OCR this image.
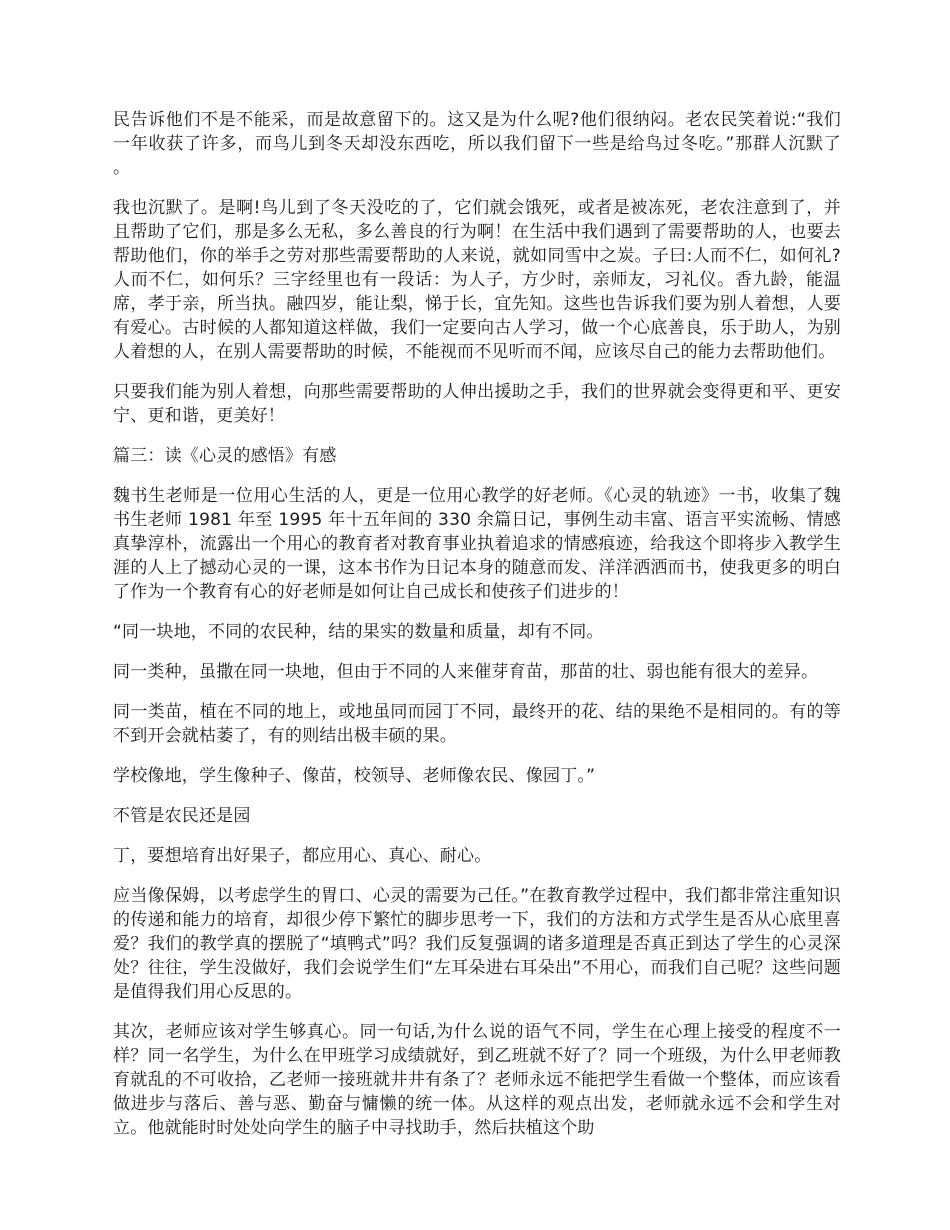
民告诉他们不是不能采，而是故意留下的。这又是为什么呢?他们很纳闷。老农民笑着说:“我们一年收获了许多，而鸟儿到冬天却没东西吃，所以我们留下一些是给鸟过冬吃。”那群人沉默了 。

我也沉默了。是啊!鸟儿到了冬天没吃的了，它们就会饿死，或者是被冻死，老农注意到了，并且帮助了它们，那是多么无私，多么善良的行为啊！在生活中我们遇到了需要帮助的人，也要去帮助他们，你的举手之劳对那些需要帮助的人来说，就如同雪中之炭。子曰:人而不仁，如何礼?人而不仁，如何乐？三字经里也有一段话：为人子，方少时，亲师友，习礼仪。香九龄，能温席，孝于亲，所当执。融四岁，能让梨，悌于长，宜先知。这些也告诉我们要为别人着想，人要有爱心。古时候的人都知道这样做，我们一定要向古人学习，做一个心底善良，乐于助人，为别人着想的人，在别人需要帮助的时候，不能视而不见听而不闻，应该尽自己的能力去帮助他们。

只要我们能为别人着想，向那些需要帮助的人伸出援助之手，我们的世界就会变得更和平、更安宁、更和谐，更美好！

篇三：读《心灵的感悟》有感

魏书生老师是一位用心生活的人，更是一位用心教学的好老师。《心灵的轨迹》一书，收集了魏书生老师 1981 年至 1995 年十五年间的 330 余篇日记，事例生动丰富、语言平实流畅、情感真挚淳朴，流露出一个用心的教育者对教育事业执着追求的情感痕迹，给我这个即将步入教学生涯的人上了撼动心灵的一课，这本书作为日记本身的随意而发、洋洋洒洒而书，使我更多的明白了作为一个教育有心的好老师是如何让自己成长和使孩子们进步的！

“同一块地，不同的农民种，结的果实的数量和质量，却有不同。

同一类种，虽撒在同一块地，但由于不同的人来催芽育苗，那苗的壮、弱也能有很大的差异。

同一类苗，植在不同的地上，或地虽同而园丁不同，最终开的花、结的果绝不是相同的。有的等不到开会就枯萎了，有的则结出极丰硕的果。

学校像地，学生像种子、像苗，校领导、老师像农民、像园丁。”

不管是农民还是园

丁，要想培育出好果子，都应用心、真心、耐心。

应当像保姆，以考虑学生的胃口、心灵的需要为己任。”在教育教学过程中，我们都非常注重知识的传递和能力的培育，却很少停下繁忙的脚步思考一下，我们的方法和方式学生是否从心底里喜爱？我们的教学真的摆脱了“填鸭式”吗？我们反复强调的诸多道理是否真正到达了学生的心灵深处？往往，学生没做好，我们会说学生们“左耳朵进右耳朵出”不用心，而我们自己呢？这些问题是值得我们用心反思的。

其次，老师应该对学生够真心。同一句话,为什么说的语气不同，学生在心理上接受的程度不一样？同一名学生，为什么在甲班学习成绩就好，到乙班就不好了？同一个班级，为什么甲老师教育就乱的不可收拾，乙老师一接班就井井有条了？老师永远不能把学生看做一个整体，而应该看做进步与落后、善与恶、勤奋与慵懒的统一体。从这样的观点出发，老师就永远不会和学生对立。他就能时时处处向学生的脑子中寻找助手，然后扶植这个助
